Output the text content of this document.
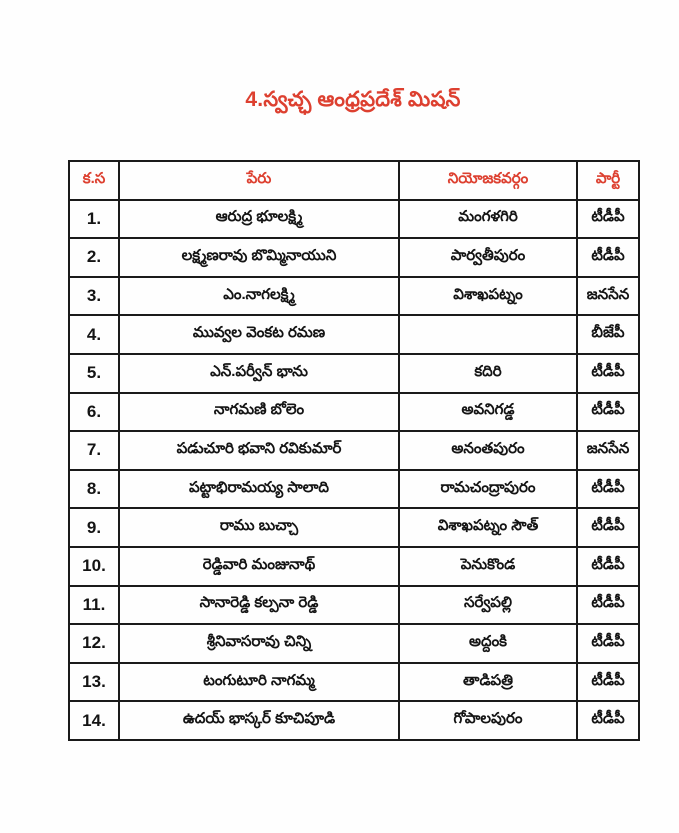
4.స్వచ్ఛ ఆంధ్రప్రదేశ్ మిషన్
క.స	పేరు	నియోజకవర్గం	పార్టీ
1.	ఆరుద్ర భూలక్ష్మి	మంగళగిరి	టీడీపీ
2.	లక్ష్మణరావు బొమ్మినాయుని	పార్వతీపురం	టీడీపీ
3.	ఎం.నాగలక్ష్మి	విశాఖపట్నం	జనసేన
4.	మువ్వల వెంకట రమణ		బీజేపీ
5.	ఎన్.పర్వీన్ భాను	కదిరి	టీడీపీ
6.	నాగమణి బోలెం	అవనిగడ్డ	టీడీపీ
7.	పడుచూరి భవాని రవికుమార్	అనంతపురం	జనసేన
8.	పట్టాభిరామయ్య సాలాది	రామచంద్రాపురం	టీడీపీ
9.	రాము బుచ్చా	విశాఖపట్నం సౌత్	టీడీపీ
10.	రెడ్డివారి మంజునాథ్	పెనుకొండ	టీడీపీ
11.	సానారెడ్డి కల్పనా రెడ్డి	సర్వేపల్లి	టీడీపీ
12.	శ్రీనివాసరావు చిన్ని	అద్దంకి	టీడీపీ
13.	టంగుటూరి నాగమ్మ	తాడిపత్రి	టీడీపీ
14.	ఉదయ్ భాస్కర్ కూచిపూడి	గోపాలపురం	టీడీపీ
